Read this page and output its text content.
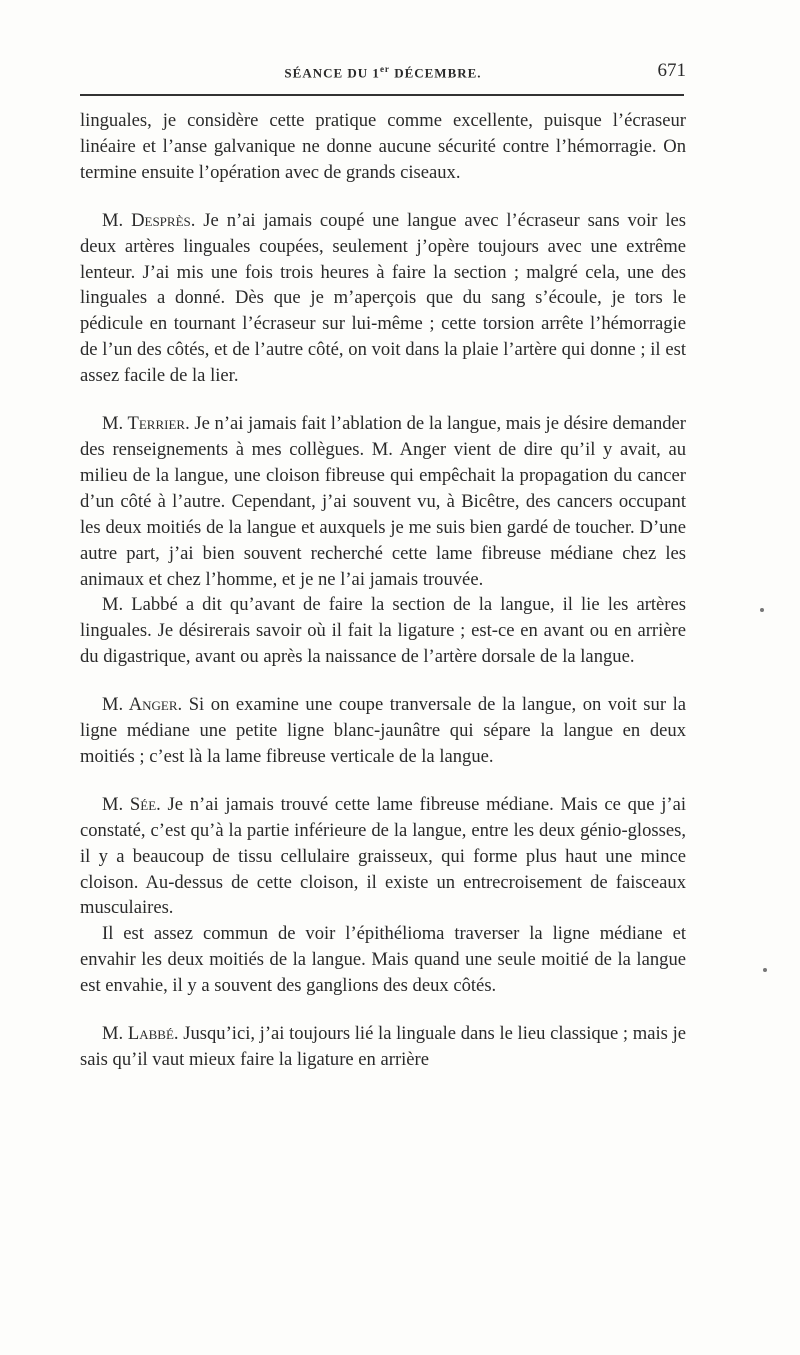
SÉANCE DU 1er DÉCEMBRE.	671

linguales, je considère cette pratique comme excellente, puisque l’écraseur linéaire et l’anse galvanique ne donne aucune sécurité contre l’hémorragie. On termine ensuite l’opération avec de grands ciseaux.

M. Desprès. Je n’ai jamais coupé une langue avec l’écraseur sans voir les deux artères linguales coupées, seulement j’opère toujours avec une extrême lenteur. J’ai mis une fois trois heures à faire la section ; malgré cela, une des linguales a donné. Dès que je m’aperçois que du sang s’écoule, je tors le pédicule en tournant l’écraseur sur lui-même ; cette torsion arrête l’hémorragie de l’un des côtés, et de l’autre côté, on voit dans la plaie l’artère qui donne ; il est assez facile de la lier.

M. Terrier. Je n’ai jamais fait l’ablation de la langue, mais je désire demander des renseignements à mes collègues. M. Anger vient de dire qu’il y avait, au milieu de la langue, une cloison fibreuse qui empêchait la propagation du cancer d’un côté à l’autre. Cependant, j’ai souvent vu, à Bicêtre, des cancers occupant les deux moitiés de la langue et auxquels je me suis bien gardé de toucher. D’une autre part, j’ai bien souvent recherché cette lame fibreuse médiane chez les animaux et chez l’homme, et je ne l’ai jamais trouvée.

M. Labbé a dit qu’avant de faire la section de la langue, il lie les artères linguales. Je désirerais savoir où il fait la ligature ; est-ce en avant ou en arrière du digastrique, avant ou après la naissance de l’artère dorsale de la langue.

M. Anger. Si on examine une coupe tranversale de la langue, on voit sur la ligne médiane une petite ligne blanc-jaunâtre qui sépare la langue en deux moitiés ; c’est là la lame fibreuse verticale de la langue.

M. Sée. Je n’ai jamais trouvé cette lame fibreuse médiane. Mais ce que j’ai constaté, c’est qu’à la partie inférieure de la langue, entre les deux génio-glosses, il y a beaucoup de tissu cellulaire graisseux, qui forme plus haut une mince cloison. Au-dessus de cette cloison, il existe un entrecroisement de faisceaux musculaires.

Il est assez commun de voir l’épithélioma traverser la ligne médiane et envahir les deux moitiés de la langue. Mais quand une seule moitié de la langue est envahie, il y a souvent des ganglions des deux côtés.

M. Labbé. Jusqu’ici, j’ai toujours lié la linguale dans le lieu classique ; mais je sais qu’il vaut mieux faire la ligature en arrière
